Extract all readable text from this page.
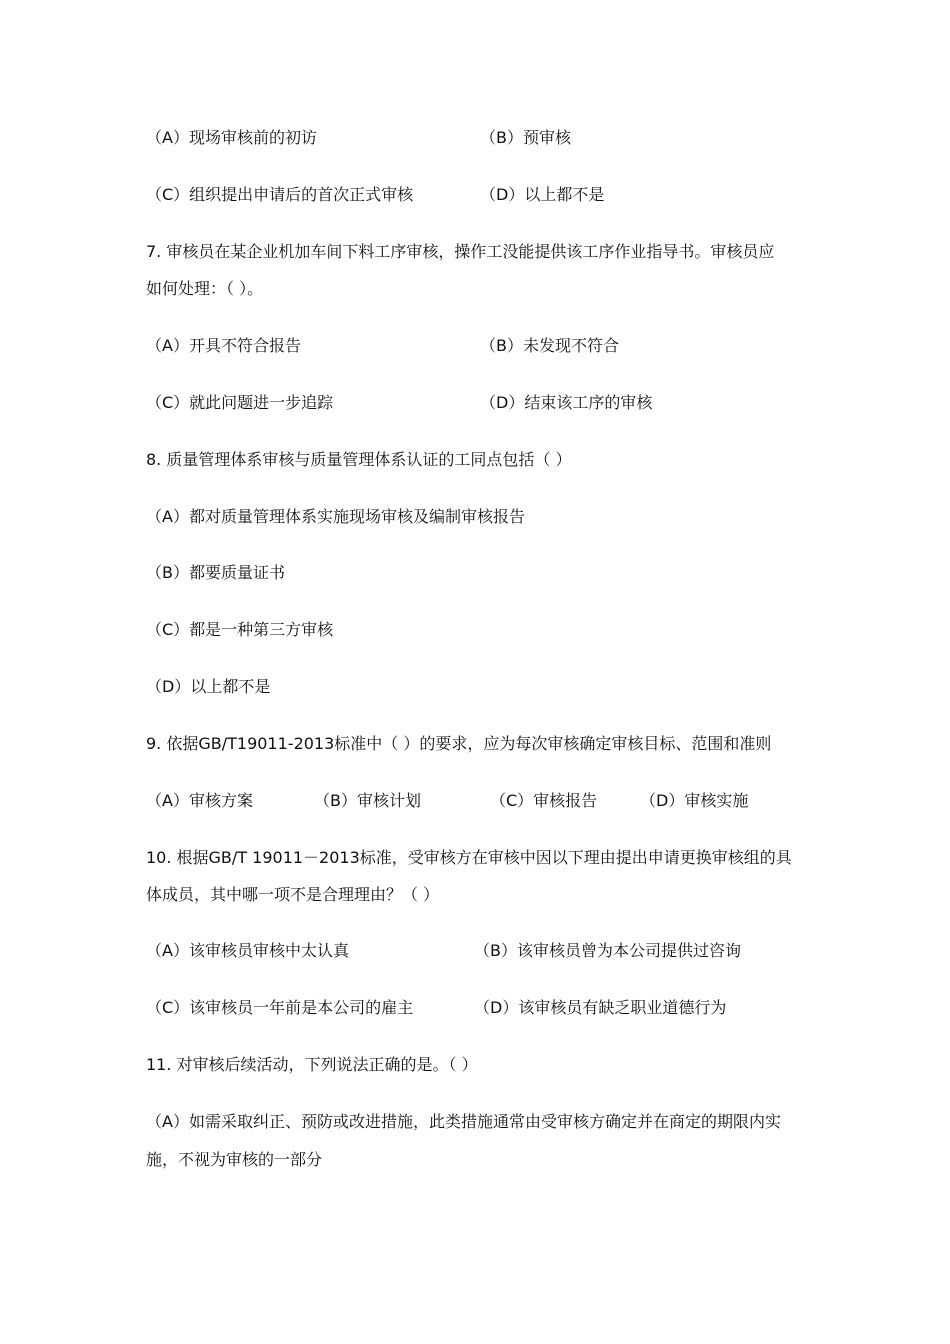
（A）现场审核前的初访	（B）预审核
（C）组织提出申请后的首次正式审核	（D）以上都不是
7. 审核员在某企业机加车间下料工序审核，操作工没能提供该工序作业指导书。审核员应
如何处理：（ ）。
（A）开具不符合报告	（B）未发现不符合
（C）就此问题进一步追踪	（D）结束该工序的审核
8. 质量管理体系审核与质量管理体系认证的工同点包括（ ）
（A）都对质量管理体系实施现场审核及编制审核报告
（B）都要质量证书
（C）都是一种第三方审核
（D）以上都不是
9. 依据GB/T19011-2013标准中（ ）的要求，应为每次审核确定审核目标、范围和准则
（A）审核方案	（B）审核计划	（C）审核报告	（D）审核实施
10. 根据GB/T 19011－2013标准，受审核方在审核中因以下理由提出申请更换审核组的具
体成员，其中哪一项不是合理理由？（ ）
（A）该审核员审核中太认真	（B）该审核员曾为本公司提供过咨询
（C）该审核员一年前是本公司的雇主	（D）该审核员有缺乏职业道德行为
11. 对审核后续活动，下列说法正确的是。（ ）
（A）如需采取纠正、预防或改进措施，此类措施通常由受审核方确定并在商定的期限内实
施，不视为审核的一部分
